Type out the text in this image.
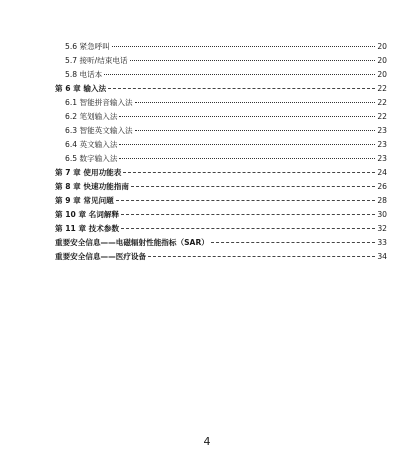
5.6 紧急呼叫	20
5.7 接听/结束电话	20
5.8 电话本	20
第 6 章 输入法	22
6.1 智能拼音输入法	22
6.2 笔划输入法	22
6.3 智能英文输入法	23
6.4 英文输入法	23
6.5 数字输入法	23
第 7 章 使用功能表	24
第 8 章 快速功能指南	26
第 9 章 常见问题	28
第 10 章 名词解释	30
第 11 章 技术参数	32
重要安全信息——电磁辐射性能指标（SAR）	33
重要安全信息——医疗设备	34
4
